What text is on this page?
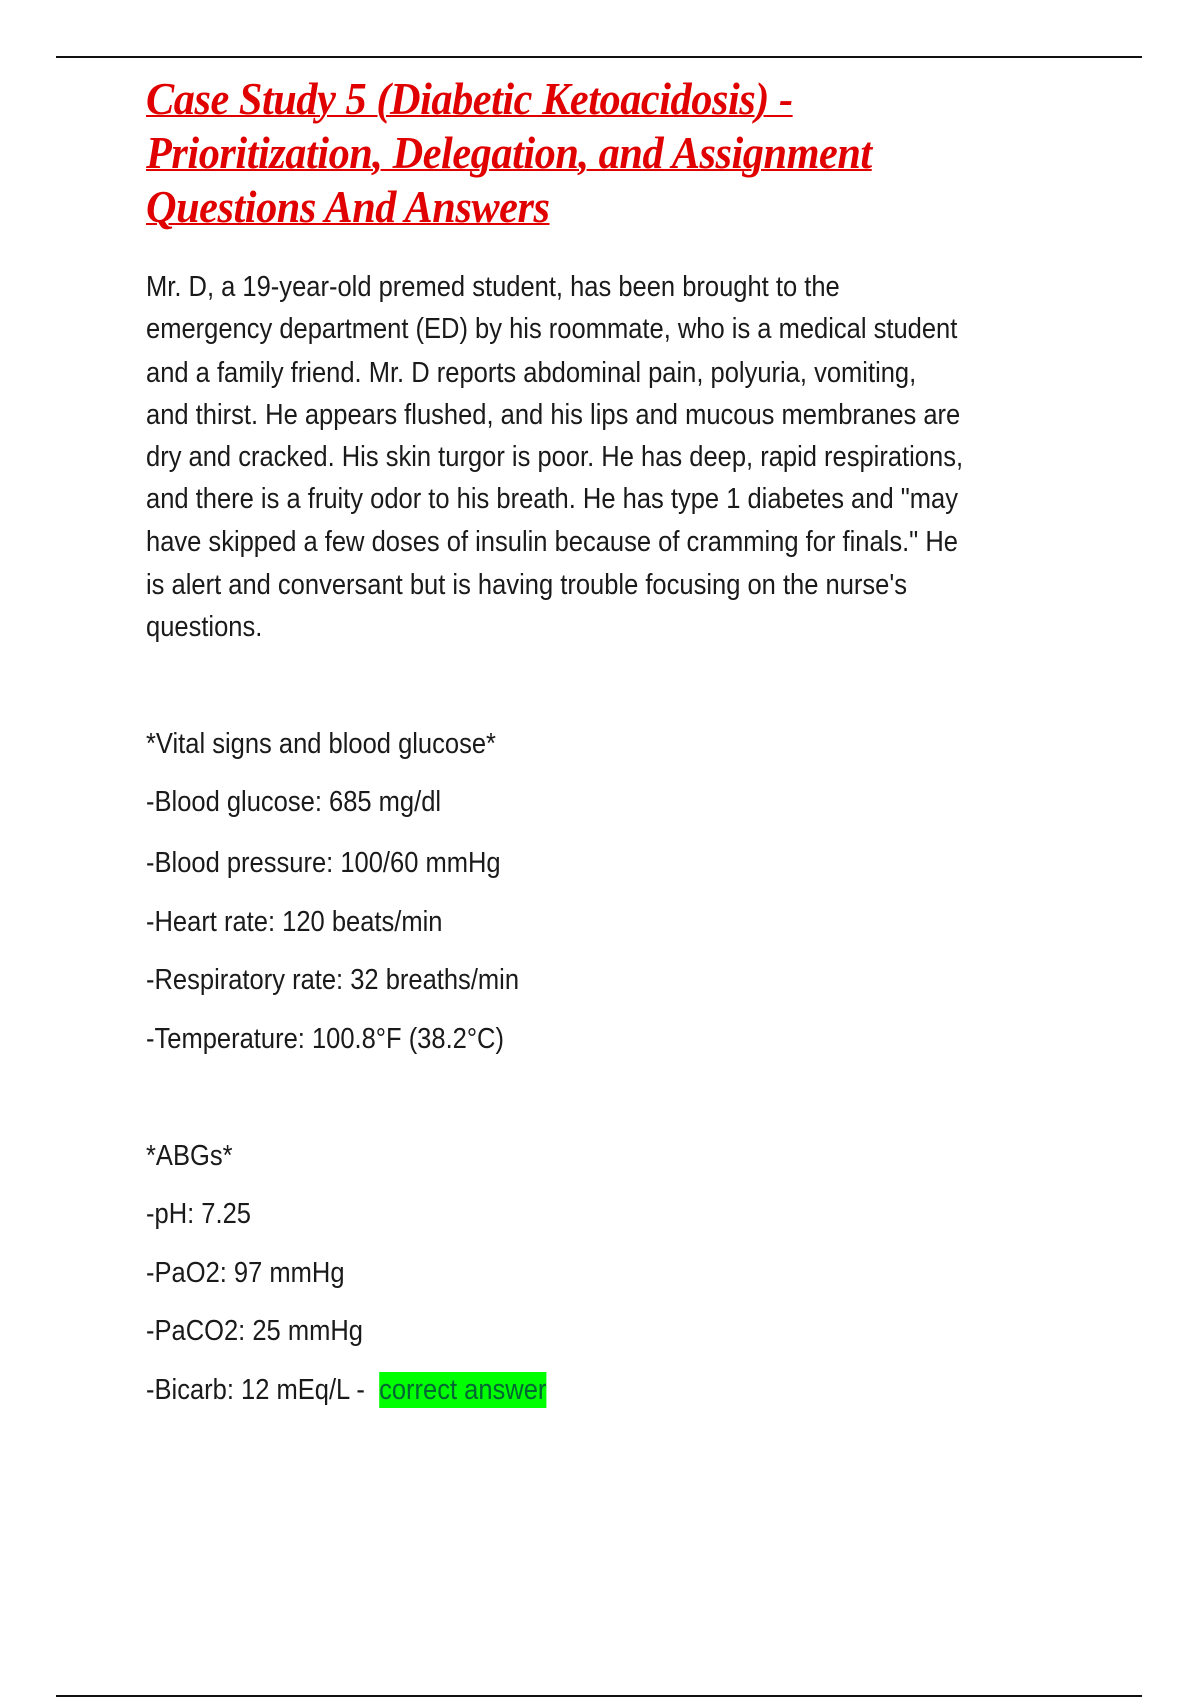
Case Study 5 (Diabetic Ketoacidosis) -
Prioritization, Delegation, and Assignment
Questions And Answers
Mr. D, a 19-year-old premed student, has been brought to the
emergency department (ED) by his roommate, who is a medical student
and a family friend. Mr. D reports abdominal pain, polyuria, vomiting,
and thirst. He appears flushed, and his lips and mucous membranes are
dry and cracked. His skin turgor is poor. He has deep, rapid respirations,
and there is a fruity odor to his breath. He has type 1 diabetes and "may
have skipped a few doses of insulin because of cramming for finals." He
is alert and conversant but is having trouble focusing on the nurse's
questions.
*Vital signs and blood glucose*
-Blood glucose: 685 mg/dl
-Blood pressure: 100/60 mmHg
-Heart rate: 120 beats/min
-Respiratory rate: 32 breaths/min
-Temperature: 100.8°F (38.2°C)
*ABGs*
-pH: 7.25
-PaO2: 97 mmHg
-PaCO2: 25 mmHg
-Bicarb: 12 mEq/L -  correct answer
